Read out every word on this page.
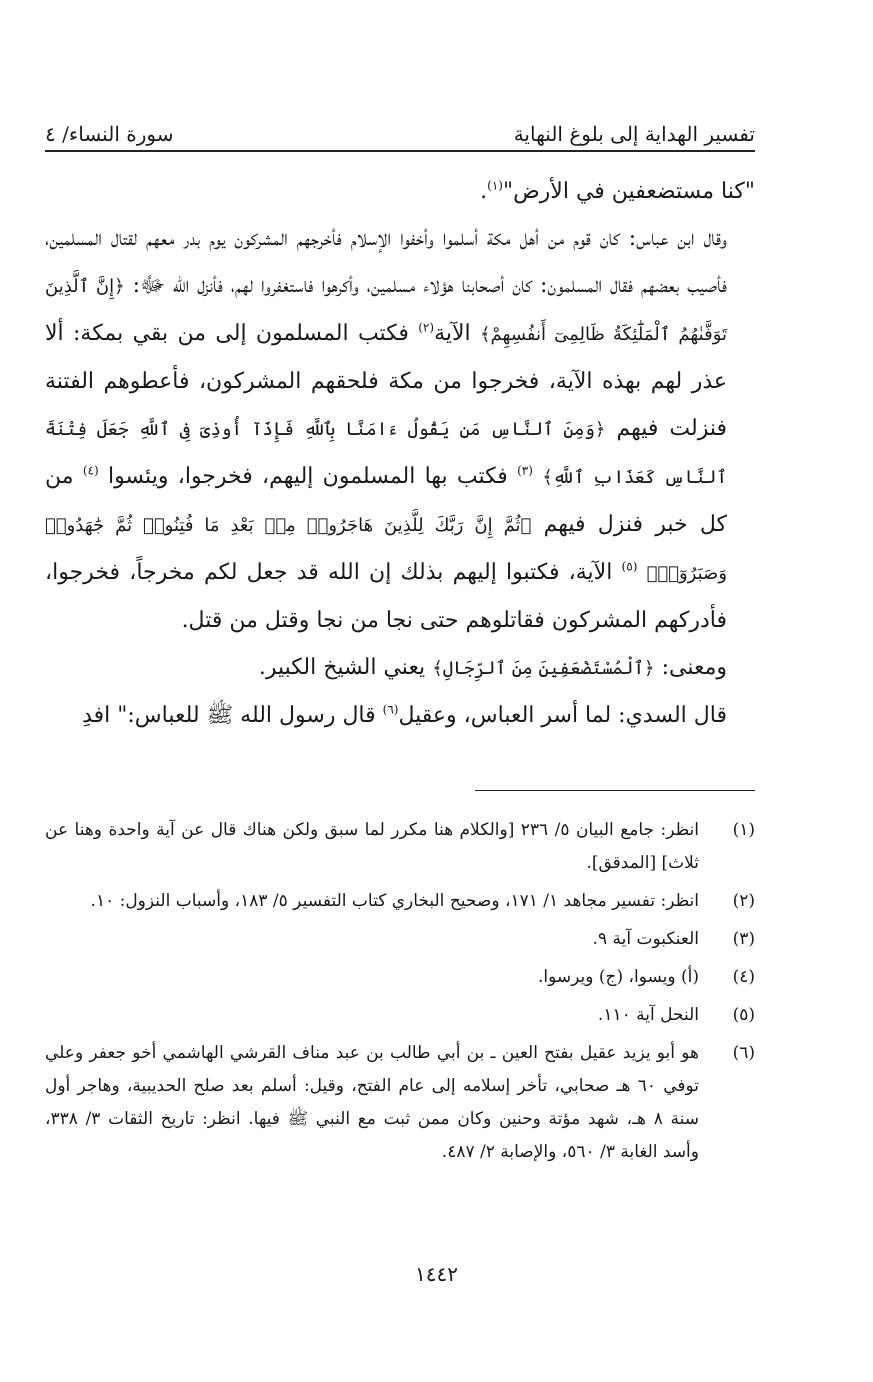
تفسير الهداية إلى بلوغ النهاية
سورة النساء/ ٤

"كنا مستضعفين في الأرض"$^{(١)}$.

وقال ابن عباس: كان قوم من أهل مكة أسلموا وأخفوا الإسلام فأخرجهم المشركون يوم بدر معهم لقتال المسلمين، فأصيب بعضهم فقال المسلمون: كان أصحابنا هؤلاء مسلمين، وأكرهوا فاستغفروا لهم، فأنزل الله ﷻ: ﴿إِنَّ ٱلَّذِينَ تَوَفَّىٰهُمُ ٱلْمَلَٰٓئِكَةُ ظَالِمِىٓ أَنفُسِهِمْ﴾ الآية$^{(٢)}$ فكتب المسلمون إلى من بقي بمكة: ألا عذر لهم بهذه الآية، فخرجوا من مكة فلحقهم المشركون، فأعطوهم الفتنة فنزلت فيهم ﴿وَمِنَ ٱلنَّاسِ مَن يَقُولُ ءَامَنَّا بِٱللَّهِ فَإِذَآ أُوذِىَ فِى ٱللَّهِ جَعَلَ فِتْنَةَ ٱلنَّاسِ كَعَذَابِ ٱللَّهِ﴾ $^{(٣)}$ فكتب بها المسلمون إليهم، فخرجوا، ويئسوا $^{(٤)}$ من كل خبر فنزل فيهم ﴿ثُمَّ إِنَّ رَبَّكَ لِلَّذِينَ هَاجَرُوا۟ مِنۢ بَعْدِ مَا فُتِنُوا۟ ثُمَّ جَٰهَدُوا۟ وَصَبَرُوٓا۟﴾ $^{(٥)}$ الآية، فكتبوا إليهم بذلك إن الله قد جعل لكم مخرجاً، فخرجوا، فأدركهم المشركون فقاتلوهم حتى نجا من نجا وقتل من قتل.

ومعنى: ﴿ٱلْمُسْتَضْعَفِينَ مِنَ ٱلرِّجَالِ﴾ يعني الشيخ الكبير.

قال السدي: لما أسر العباس، وعقيل$^{(٦)}$ قال رسول الله ﷺ للعباس:" افدِ

(١)
انظر: جامع البيان ٥/ ٢٣٦ [والكلام هنا مكرر لما سبق ولكن هناك قال عن آية واحدة وهنا عن ثلاث] [المدقق].
(٢)
انظر: تفسير مجاهد ١/ ١٧١، وصحيح البخاري كتاب التفسير ٥/ ١٨٣، وأسباب النزول: ١٠.
(٣)
العنكبوت آية ٩.
(٤)
(أ) ويسوا، (ج) ويرسوا.
(٥)
النحل آية ١١٠.
(٦)
هو أبو يزيد عقيل بفتح العين ـ بن أبي طالب بن عبد مناف القرشي الهاشمي أخو جعفر وعلي توفي ٦٠ هـ صحابي، تأخر إسلامه إلى عام الفتح، وقيل: أسلم بعد صلح الحديبية، وهاجر أول سنة ٨ هـ، شهد مؤتة وحنين وكان ممن ثبت مع النبي ﷺ فيها. انظر: تاريخ الثقات ٣/ ٣٣٨، وأسد الغابة ٣/ ٥٦٠، والإصابة ٢/ ٤٨٧.
١٤٤٢
